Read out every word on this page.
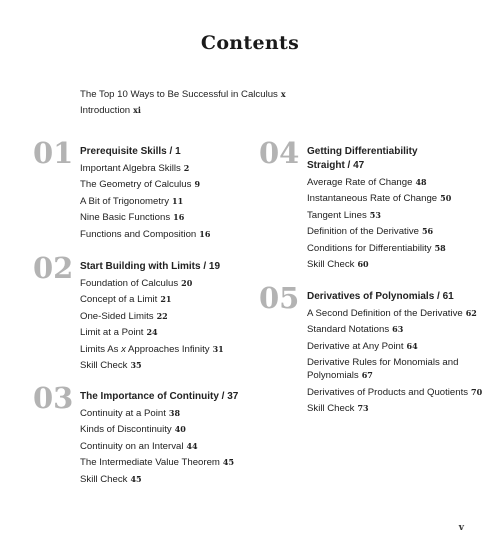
Contents
The Top 10 Ways to Be Successful in Calculus x
Introduction xi
01 Prerequisite Skills / 1
Important Algebra Skills 2
The Geometry of Calculus 9
A Bit of Trigonometry 11
Nine Basic Functions 16
Functions and Composition 16
02 Start Building with Limits / 19
Foundation of Calculus 20
Concept of a Limit 21
One-Sided Limits 22
Limit at a Point 24
Limits As x Approaches Infinity 31
Skill Check 35
03 The Importance of Continuity / 37
Continuity at a Point 38
Kinds of Discontinuity 40
Continuity on an Interval 44
The Intermediate Value Theorem 45
Skill Check 45
04 Getting Differentiability
Straight / 47
Average Rate of Change 48
Instantaneous Rate of Change 50
Tangent Lines 53
Definition of the Derivative 56
Conditions for Differentiability 58
Skill Check 60
05 Derivatives of Polynomials / 61
A Second Definition of the Derivative 62
Standard Notations 63
Derivative at Any Point 64
Derivative Rules for Monomials and
Polynomials 67
Derivatives of Products and Quotients 70
Skill Check 73
v
